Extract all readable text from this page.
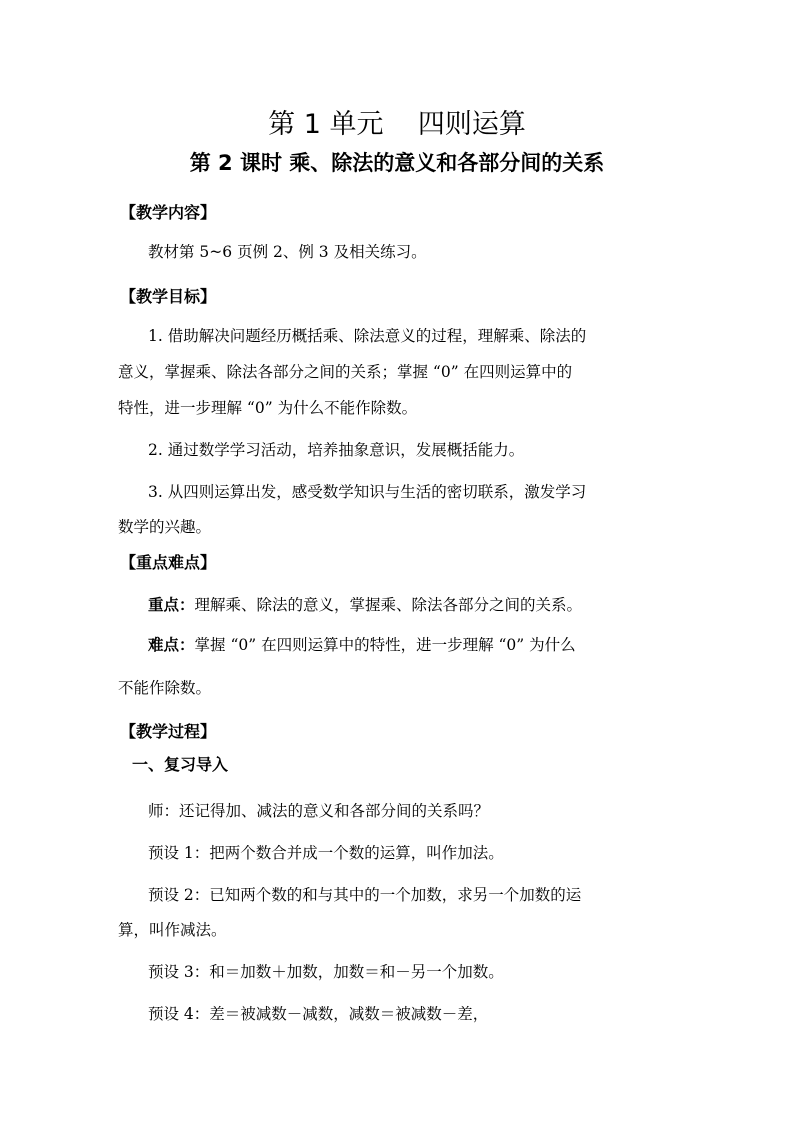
第 1 单元    四则运算
第 2 课时 乘、除法的意义和各部分间的关系
【教学内容】
教材第 5~6 页例 2、例 3 及相关练习。
【教学目标】
1. 借助解决问题经历概括乘、除法意义的过程，理解乘、除法的
意义，掌握乘、除法各部分之间的关系；掌握 “0” 在四则运算中的
特性，进一步理解 “0” 为什么不能作除数。
2. 通过数学学习活动，培养抽象意识，发展概括能力。
3. 从四则运算出发，感受数学知识与生活的密切联系，激发学习
数学的兴趣。
【重点难点】
重点：理解乘、除法的意义，掌握乘、除法各部分之间的关系。
难点：掌握 “0” 在四则运算中的特性，进一步理解 “0” 为什么
不能作除数。
【教学过程】
一、复习导入
师：还记得加、减法的意义和各部分间的关系吗？
预设 1：把两个数合并成一个数的运算，叫作加法。
预设 2：已知两个数的和与其中的一个加数，求另一个加数的运
算，叫作减法。
预设 3：和＝加数＋加数，加数＝和－另一个加数。
预设 4：差＝被减数－减数，减数＝被减数－差，
